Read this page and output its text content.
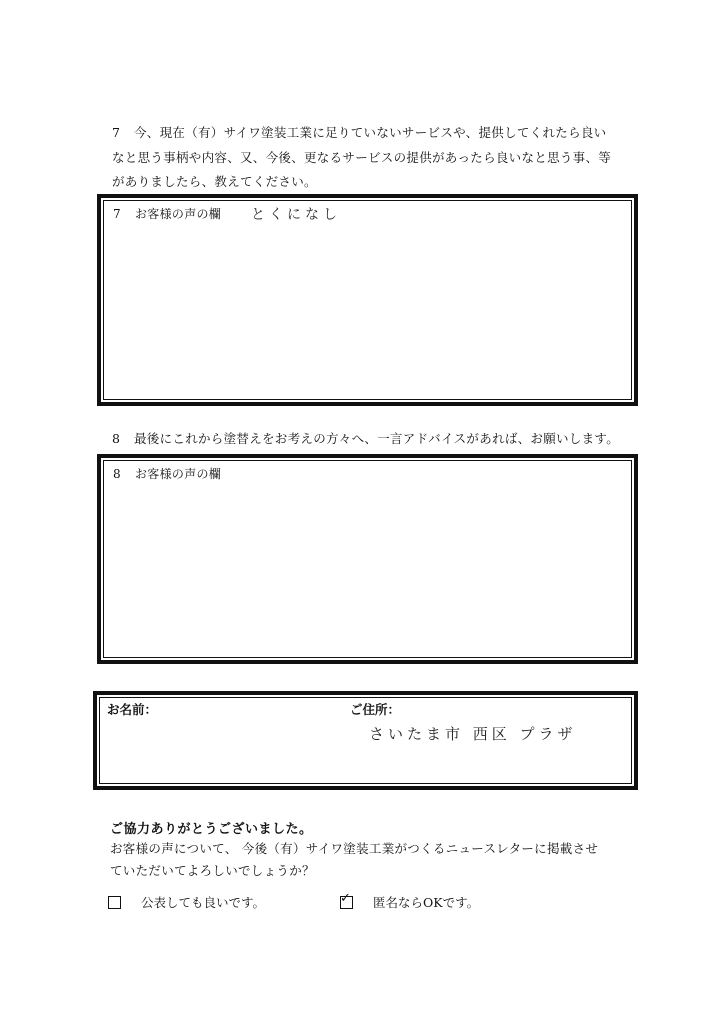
7 今、現在（有）サイワ塗装工業に足りていないサービスや、提供してくれたら良い
なと思う事柄や内容、又、今後、更なるサービスの提供があったら良いなと思う事、等
がありましたら、教えてください。
7 お客様の声の欄 とくになし
8 最後にこれから塗替えをお考えの方々へ、一言アドバイスがあれば、お願いします。
8 お客様の声の欄
お名前：	ご住所：
さいたま市 西区 プラザ
ご協力ありがとうございました。
お客様の声について、 今後（有）サイワ塗装工業がつくるニュースレターに掲載させ
ていただいてよろしいでしょうか？
公表しても良いです。	✓ 匿名ならOKです。
